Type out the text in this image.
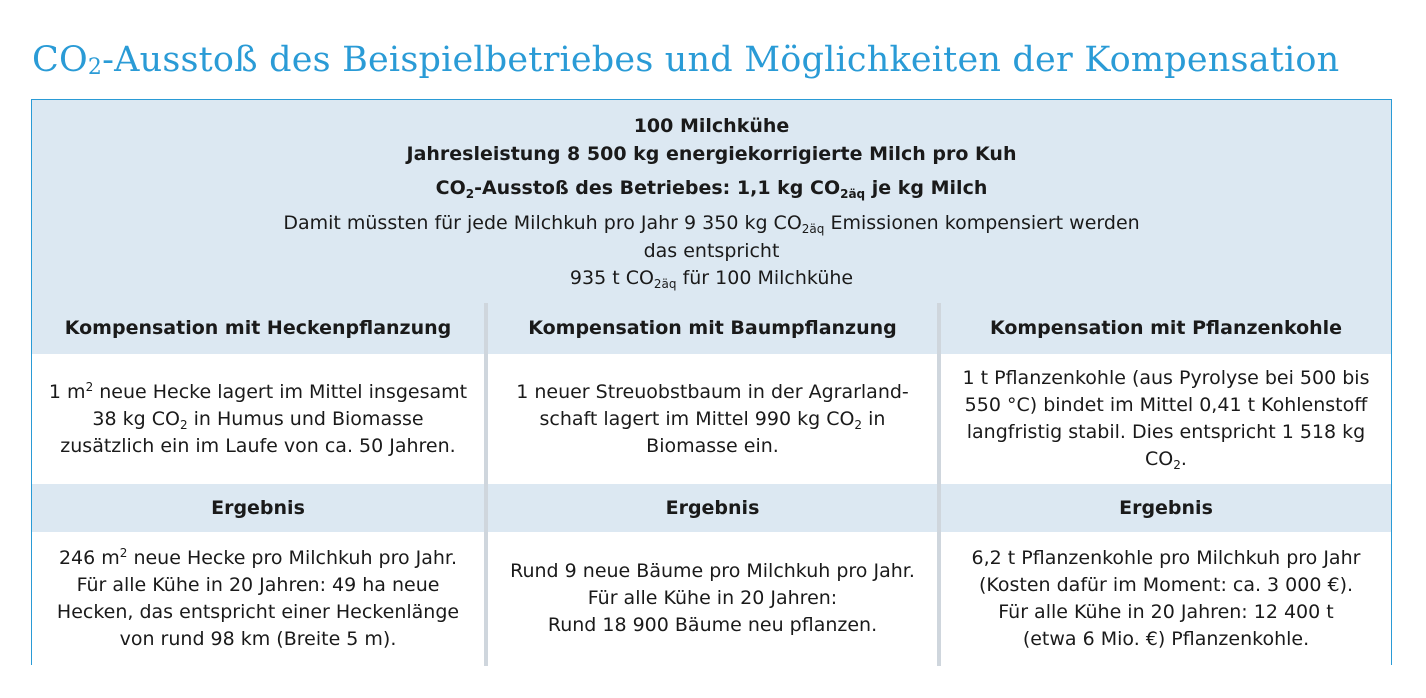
$CO_2$-Ausstoß des Beispielbetriebes und Möglichkeiten der Kompensation
100 Milchkühe
Jahresleistung 8 500 kg energiekorrigierte Milch pro Kuh
$CO_2$-Ausstoß des Betriebes: 1,1 kg $CO_{2äq}$ je kg Milch
Damit müssten für jede Milchkuh pro Jahr 9 350 kg $CO_{2äq}$ Emissionen kompensiert werden
das entspricht
935 t $CO_{2äq}$ für 100 Milchkühe
Kompensation mit Heckenpflanzung
1 $m^2$ neue Hecke lagert im Mittel insgesamt
38 kg $CO_2$ in Humus und Biomasse
zusätzlich ein im Laufe von ca. 50 Jahren.
Ergebnis
246 $m^2$ neue Hecke pro Milchkuh pro Jahr.
Für alle Kühe in 20 Jahren: 49 ha neue
Hecken, das entspricht einer Heckenlänge
von rund 98 km (Breite 5 m).
Kompensation mit Baumpflanzung
1 neuer Streuobstbaum in der Agrarland-
schaft lagert im Mittel 990 kg $CO_2$ in
Biomasse ein.
Ergebnis
Rund 9 neue Bäume pro Milchkuh pro Jahr.
Für alle Kühe in 20 Jahren:
Rund 18 900 Bäume neu pflanzen.
Kompensation mit Pflanzenkohle
1 t Pflanzenkohle (aus Pyrolyse bei 500 bis
550 °C) bindet im Mittel 0,41 t Kohlenstoff
langfristig stabil. Dies entspricht 1 518 kg
$CO_2$.
Ergebnis
6,2 t Pflanzenkohle pro Milchkuh pro Jahr
(Kosten dafür im Moment: ca. 3 000 €).
Für alle Kühe in 20 Jahren: 12 400 t
(etwa 6 Mio. €) Pflanzenkohle.
